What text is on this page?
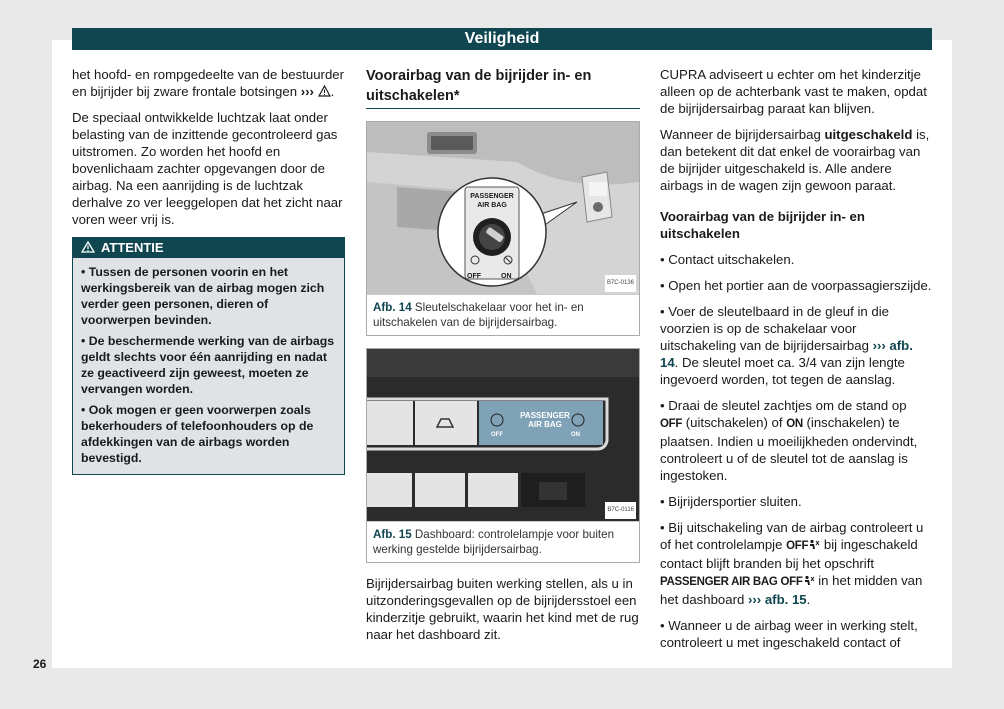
Veiligheid
26

het hoofd- en rompgedeelte van de bestuurder en bijrijder bij zware frontale botsingen ››› .

De speciaal ontwikkelde luchtzak laat onder belasting van de inzittende gecontroleerd gas uitstromen. Zo worden het hoofd en bovenlichaam zachter opgevangen door de airbag. Na een aanrijding is de luchtzak derhalve zo ver leeggelopen dat het zicht naar voren weer vrij is.

ATTENTIE

• Tussen de personen voorin en het werkingsbereik van de airbag mogen zich verder geen personen, dieren of voorwerpen bevinden.

• De beschermende werking van de airbags geldt slechts voor één aanrijding en nadat ze geactiveerd zijn geweest, moeten ze vervangen worden.

• Ook mogen er geen voorwerpen zoals bekerhouders of telefoonhouders op de afdekkingen van de airbags worden bevestigd.

Voorairbag van de bijrijder in- en uitschakelen*
PASSENGER
AIR BAG
OFF	ON
B7C-0136
Afb. 14 Sleutelschakelaar voor het in- en uitschakelen van de bijrijdersairbag.
PASSENGER
AIR BAG
OFF	ON
B7C-0116
Afb. 15 Dashboard: controlelampje voor buiten werking gestelde bijrijdersairbag.

Bijrijdersairbag buiten werking stellen, als u in uitzonderingsgevallen op de bijrijdersstoel een kinderzitje gebruikt, waarin het kind met de rug naar het dashboard zit.

CUPRA adviseert u echter om het kinderzitje alleen op de achterbank vast te maken, opdat de bijrijdersairbag paraat kan blijven.

Wanneer de bijrijdersairbag uitgeschakeld is, dan betekent dit dat enkel de voorairbag van de bijrijder uitgeschakeld is. Alle andere airbags in de wagen zijn gewoon paraat.

Voorairbag van de bijrijder in- en uitschakelen

• Contact uitschakelen.

• Open het portier aan de voorpassagierszijde.

• Voer de sleutelbaard in de gleuf in die voorzien is op de schakelaar voor uitschakeling van de bijrijdersairbag ››› afb. 14. De sleutel moet ca. 3/4 van zijn lengte ingevoerd worden, tot tegen de aanslag.

• Draai de sleutel zachtjes om de stand op OFF (uitschakelen) of ON (inschakelen) te plaatsen. Indien u moeilijkheden ondervindt, controleert u of de sleutel tot de aanslag is ingestoken.

• Bijrijdersportier sluiten.

• Bij uitschakeling van de airbag controleert u of het controlelampje OFF bij ingeschakeld contact blijft branden bij het opschrift PASSENGER AIR BAG OFF in het midden van het dashboard ››› afb. 15.

• Wanneer u de airbag weer in werking stelt, controleert u met ingeschakeld contact of
